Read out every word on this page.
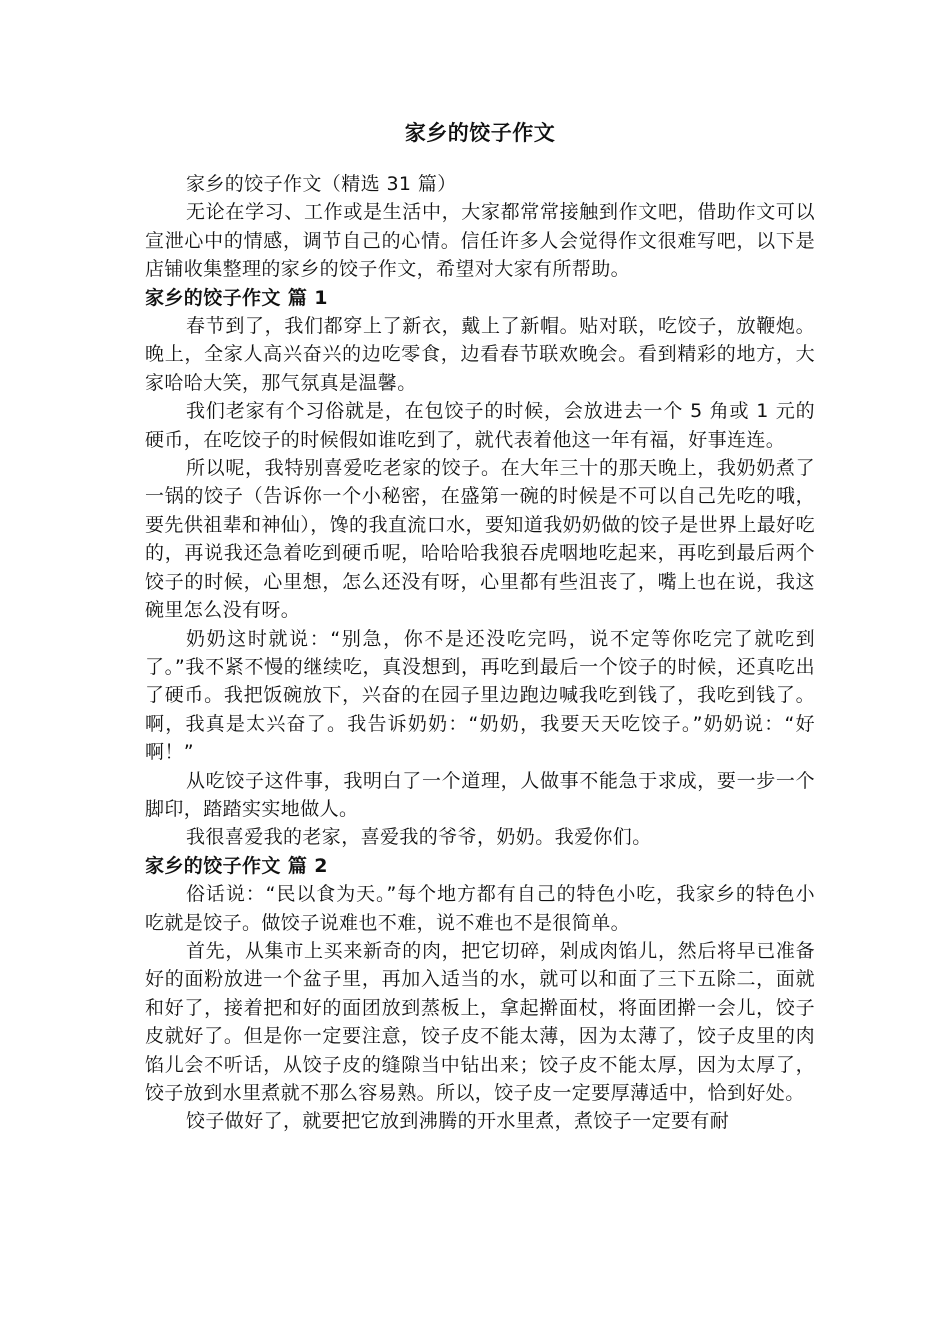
家乡的饺子作文

家乡的饺子作文（精选 31 篇）

无论在学习、工作或是生活中，大家都常常接触到作文吧，借助作文可以宣泄心中的情感，调节自己的心情。信任许多人会觉得作文很难写吧，以下是店铺收集整理的家乡的饺子作文，希望对大家有所帮助。

家乡的饺子作文 篇 1

春节到了，我们都穿上了新衣，戴上了新帽。贴对联，吃饺子，放鞭炮。晚上，全家人高兴奋兴的边吃零食，边看春节联欢晚会。看到精彩的地方，大家哈哈大笑，那气氛真是温馨。

我们老家有个习俗就是，在包饺子的时候，会放进去一个 5 角或 1 元的硬币，在吃饺子的时候假如谁吃到了，就代表着他这一年有福，好事连连。

所以呢，我特别喜爱吃老家的饺子。在大年三十的那天晚上，我奶奶煮了一锅的饺子（告诉你一个小秘密，在盛第一碗的时候是不可以自己先吃的哦，要先供祖辈和神仙），馋的我直流口水，要知道我奶奶做的饺子是世界上最好吃的，再说我还急着吃到硬币呢，哈哈哈我狼吞虎咽地吃起来，再吃到最后两个饺子的时候，心里想，怎么还没有呀，心里都有些沮丧了，嘴上也在说，我这碗里怎么没有呀。

奶奶这时就说：“别急，你不是还没吃完吗，说不定等你吃完了就吃到了。”我不紧不慢的继续吃，真没想到，再吃到最后一个饺子的时候，还真吃出了硬币。我把饭碗放下，兴奋的在园子里边跑边喊我吃到钱了，我吃到钱了。啊，我真是太兴奋了。我告诉奶奶：“奶奶，我要天天吃饺子。”奶奶说：“好啊！”

从吃饺子这件事，我明白了一个道理，人做事不能急于求成，要一步一个脚印，踏踏实实地做人。

我很喜爱我的老家，喜爱我的爷爷，奶奶。我爱你们。

家乡的饺子作文 篇 2

俗话说：“民以食为天。”每个地方都有自己的特色小吃，我家乡的特色小吃就是饺子。做饺子说难也不难，说不难也不是很简单。

首先，从集市上买来新奇的肉，把它切碎，剁成肉馅儿，然后将早已准备好的面粉放进一个盆子里，再加入适当的水，就可以和面了三下五除二，面就和好了，接着把和好的面团放到蒸板上，拿起擀面杖，将面团擀一会儿，饺子皮就好了。但是你一定要注意，饺子皮不能太薄，因为太薄了，饺子皮里的肉馅儿会不听话，从饺子皮的缝隙当中钻出来；饺子皮不能太厚，因为太厚了，饺子放到水里煮就不那么容易熟。所以，饺子皮一定要厚薄适中，恰到好处。

饺子做好了，就要把它放到沸腾的开水里煮，煮饺子一定要有耐
